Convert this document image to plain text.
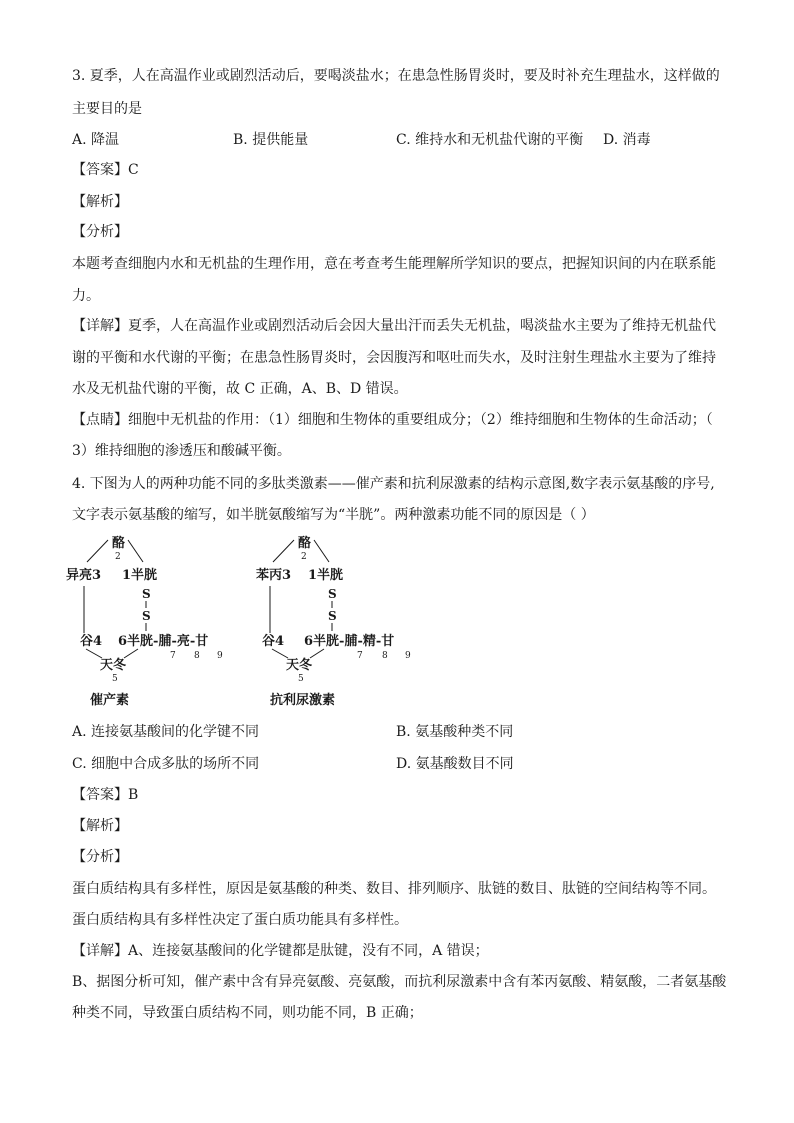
3. 夏季，人在高温作业或剧烈活动后，要喝淡盐水；在患急性肠胃炎时，要及时补充生理盐水，这样做的
主要目的是
A. 降温	B. 提供能量	C. 维持水和无机盐代谢的平衡 D. 消毒
【答案】C
【解析】
【分析】
本题考查细胞内水和无机盐的生理作用，意在考查考生能理解所学知识的要点，把握知识间的内在联系能
力。
【详解】夏季，人在高温作业或剧烈活动后会因大量出汗而丢失无机盐，喝淡盐水主要为了维持无机盐代
谢的平衡和水代谢的平衡；在患急性肠胃炎时，会因腹泻和呕吐而失水，及时注射生理盐水主要为了维持
水及无机盐代谢的平衡，故 C 正确，A、B、D 错误。
【点睛】细胞中无机盐的作用：（1）细胞和生物体的重要组成分；（2）维持细胞和生物体的生命活动；（
3）维持细胞的渗透压和酸碱平衡。
4. 下图为人的两种功能不同的多肽类激素——催产素和抗利尿激素的结构示意图,数字表示氨基酸的序号,
文字表示氨基酸的缩写，如半胱氨酸缩写为“半胱”。两种激素功能不同的原因是（ ）
酪
2
异亮3 1半胱
S
S
谷4 6半胱-脯-亮-甘
7 8 9
天冬
5
催产素
酪
2
苯丙3 1半胱
S
S
谷4 6半胱-脯-精-甘
7 8 9
天冬
5
抗利尿激素
A. 连接氨基酸间的化学键不同	B. 氨基酸种类不同
C. 细胞中合成多肽的场所不同	D. 氨基酸数目不同
【答案】B
【解析】
【分析】
蛋白质结构具有多样性，原因是氨基酸的种类、数目、排列顺序、肽链的数目、肽链的空间结构等不同。
蛋白质结构具有多样性决定了蛋白质功能具有多样性。
【详解】A、连接氨基酸间的化学键都是肽键，没有不同，A 错误；
B、据图分析可知，催产素中含有异亮氨酸、亮氨酸，而抗利尿激素中含有苯丙氨酸、精氨酸，二者氨基酸
种类不同，导致蛋白质结构不同，则功能不同，B 正确；
